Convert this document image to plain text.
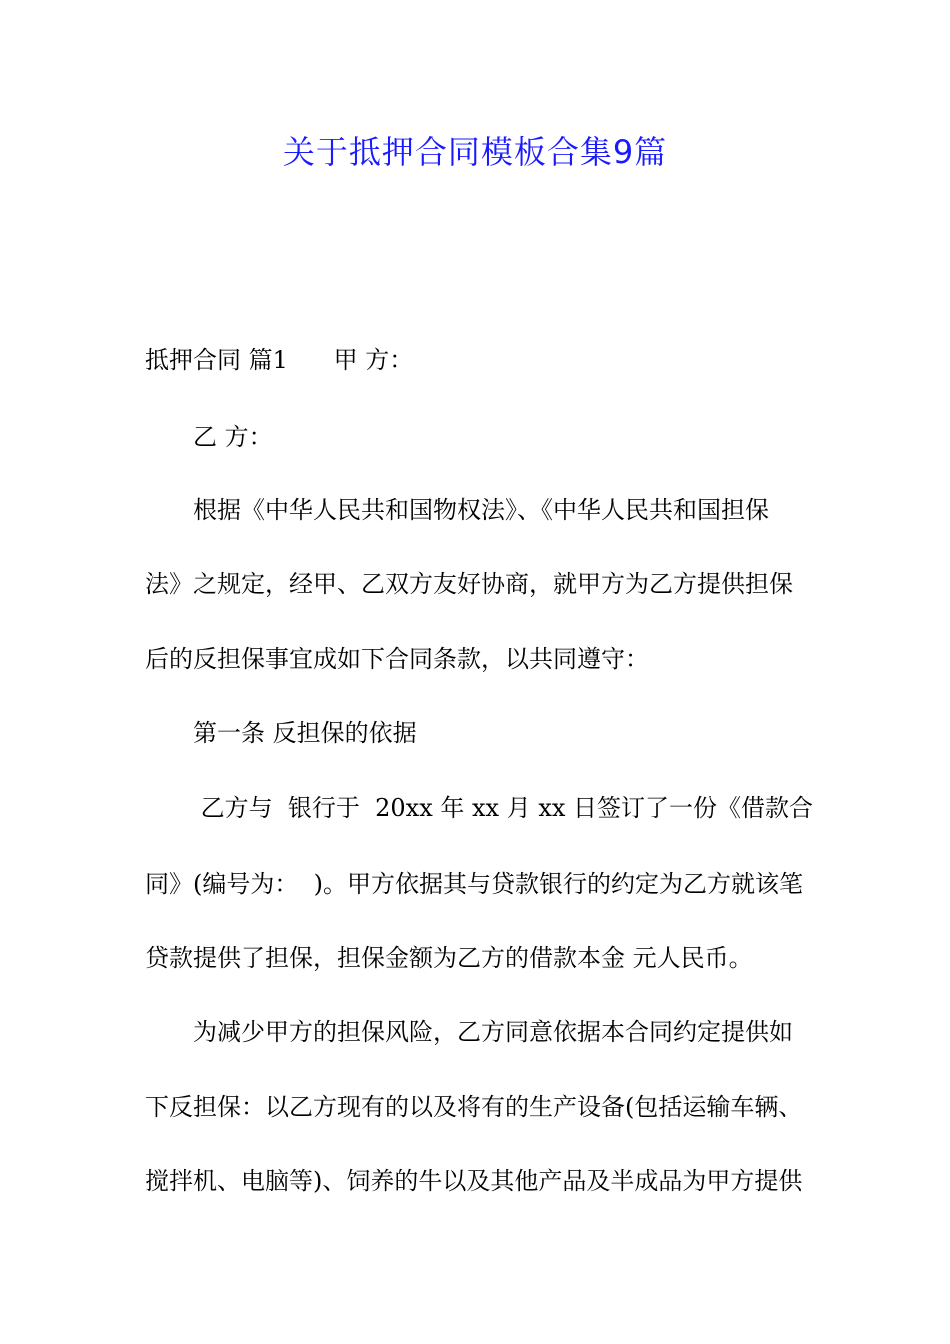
关于抵押合同模板合集9篇

抵押合同 篇1      甲 方：

乙 方：

根据《中华人民共和国物权法》、《中华人民共和国担保

法》之规定，经甲、乙双方友好协商，就甲方为乙方提供担保

后的反担保事宜成如下合同条款，以共同遵守：

第一条 反担保的依据

乙方与  银行于  20xx 年 xx 月 xx 日签订了一份《借款合

同》(编号为：  )。甲方依据其与贷款银行的约定为乙方就该笔

贷款提供了担保，担保金额为乙方的借款本金 元人民币。

为减少甲方的担保风险，乙方同意依据本合同约定提供如

下反担保：以乙方现有的以及将有的生产设备(包括运输车辆、

搅拌机、电脑等)、饲养的牛以及其他产品及半成品为甲方提供
